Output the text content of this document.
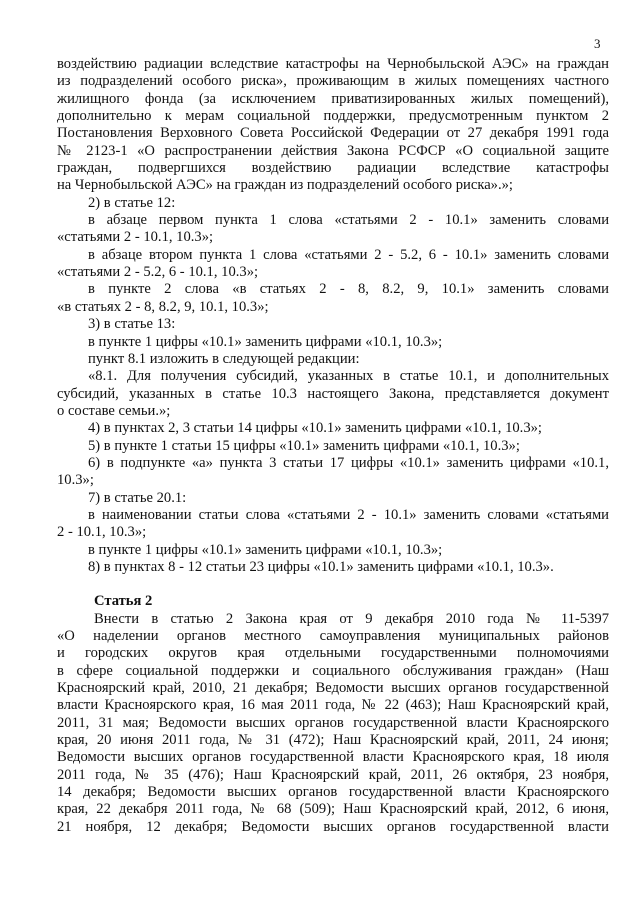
3

воздействию радиации вследствие катастрофы на Чернобыльской АЭС» на граждан

из подразделений особого риска», проживающим в жилых помещениях частного

жилищного фонда (за исключением приватизированных жилых помещений),

дополнительно к мерам социальной поддержки, предусмотренным пунктом 2

Постановления Верховного Совета Российской Федерации от 27 декабря 1991 года

№ 2123-1 «О распространении действия Закона РСФСР «О социальной защите

граждан, подвергшихся воздействию радиации вследствие катастрофы

на Чернобыльской АЭС» на граждан из подразделений особого риска».»;

2) в статье 12:

в абзаце первом пункта 1 слова «статьями 2 - 10.1» заменить словами

«статьями 2 - 10.1, 10.3»;

в абзаце втором пункта 1 слова «статьями 2 - 5.2, 6 - 10.1» заменить словами

«статьями 2 - 5.2, 6 - 10.1, 10.3»;

в пункте 2 слова «в статьях 2 - 8, 8.2, 9, 10.1» заменить словами

«в статьях 2 - 8, 8.2, 9, 10.1, 10.3»;

3) в статье 13:

в пункте 1 цифры «10.1» заменить цифрами «10.1, 10.3»;

пункт 8.1 изложить в следующей редакции:

«8.1. Для получения субсидий, указанных в статье 10.1, и дополнительных

субсидий, указанных в статье 10.3 настоящего Закона, представляется документ

о составе семьи.»;

4) в пунктах 2, 3 статьи 14 цифры «10.1» заменить цифрами «10.1, 10.3»;

5) в пункте 1 статьи 15 цифры «10.1» заменить цифрами «10.1, 10.3»;

6) в подпункте «а» пункта 3 статьи 17 цифры «10.1» заменить цифрами «10.1,

10.3»;

7) в статье 20.1:

в наименовании статьи слова «статьями 2 - 10.1» заменить словами «статьями

2 - 10.1, 10.3»;

в пункте 1 цифры «10.1» заменить цифрами «10.1, 10.3»;

8) в пунктах 8 - 12 статьи 23 цифры «10.1» заменить цифрами «10.1, 10.3».

Статья 2

Внести в статью 2 Закона края от 9 декабря 2010 года № 11-5397

«О наделении органов местного самоуправления муниципальных районов

и городских округов края отдельными государственными полномочиями

в сфере социальной поддержки и социального обслуживания граждан» (Наш

Красноярский край, 2010, 21 декабря; Ведомости высших органов государственной

власти Красноярского края, 16 мая 2011 года, № 22 (463); Наш Красноярский край,

2011, 31 мая; Ведомости высших органов государственной власти Красноярского

края, 20 июня 2011 года, № 31 (472); Наш Красноярский край, 2011, 24 июня;

Ведомости высших органов государственной власти Красноярского края, 18 июля

2011 года, № 35 (476); Наш Красноярский край, 2011, 26 октября, 23 ноября,

14 декабря; Ведомости высших органов государственной власти Красноярского

края, 22 декабря 2011 года, № 68 (509); Наш Красноярский край, 2012, 6 июня,

21 ноября, 12 декабря; Ведомости высших органов государственной власти
